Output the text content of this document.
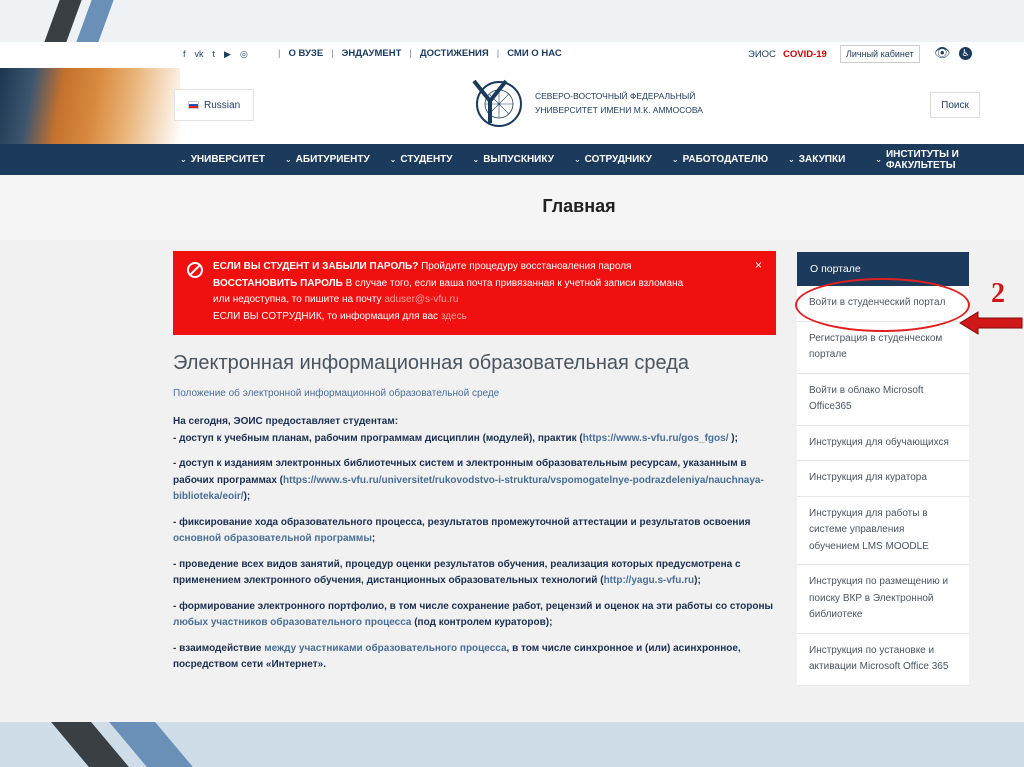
f vk t ▶ ◎	| О ВУЗЕ | ЭНДАУМЕНТ | ДОСТИЖЕНИЯ | СМИ О НАС	ЭИОС COVID-19	Личный кабинет	👁 ♿
Russian
СЕВЕРО-ВОСТОЧНЫЙ ФЕДЕРАЛЬНЫЙ
УНИВЕРСИТЕТ ИМЕНИ М.К. АММОСОВА	Поиск
⌄ УНИВЕРСИТЕТ	⌄ АБИТУРИЕНТУ	⌄ СТУДЕНТУ	⌄ ВЫПУСКНИКУ	⌄ СОТРУДНИКУ	⌄ РАБОТОДАТЕЛЮ	⌄ ЗАКУПКИ	⌄ ИНСТИТУТЫ И ФАКУЛЬТЕТЫ
Главная
×
ЕСЛИ ВЫ СТУДЕНТ И ЗАБЫЛИ ПАРОЛЬ? Пройдите процедуру восстановления пароля
ВОССТАНОВИТЬ ПАРОЛЬ В случае того, если ваша почта привязанная к учетной записи взломана
или недоступна, то пишите на почту aduser@s-vfu.ru
ЕСЛИ ВЫ СОТРУДНИК, то информация для вас здесь
Электронная информационная образовательная среда
Положение об электронной информационной образовательной среде

На сегодня, ЭОИС предоставляет студентам:
- доступ к учебным планам, рабочим программам дисциплин (модулей), практик (https://www.s-vfu.ru/gos_fgos/ );

- доступ к изданиям электронных библиотечных систем и электронным образовательным ресурсам, указанным в рабочих программах (https://www.s-vfu.ru/universitet/rukovodstvo-i-struktura/vspomogatelnye-podrazdeleniya/nauchnaya-biblioteka/eoir/);

- фиксирование хода образовательного процесса, результатов промежуточной аттестации и результатов освоения основной образовательной программы;

- проведение всех видов занятий, процедур оценки результатов обучения, реализация которых предусмотрена с применением электронного обучения, дистанционных образовательных технологий (http://yagu.s-vfu.ru);

- формирование электронного портфолио, в том числе сохранение работ, рецензий и оценок на эти работы со стороны любых участников образовательного процесса (под контролем кураторов);

- взаимодействие между участниками образовательного процесса, в том числе синхронное и (или) асинхронное, посредством сети «Интернет».

О портале
Войти в студенческий портал
Регистрация в студенческом портале
Войти в облако Microsoft Office365
Инструкция для обучающихся
Инструкция для куратора
Инструкция для работы в системе управления обучением LMS MOODLE
Инструкция по размещению и поиску ВКР в Электронной библиотеке
Инструкция по установке и активации Microsoft Office 365
2
